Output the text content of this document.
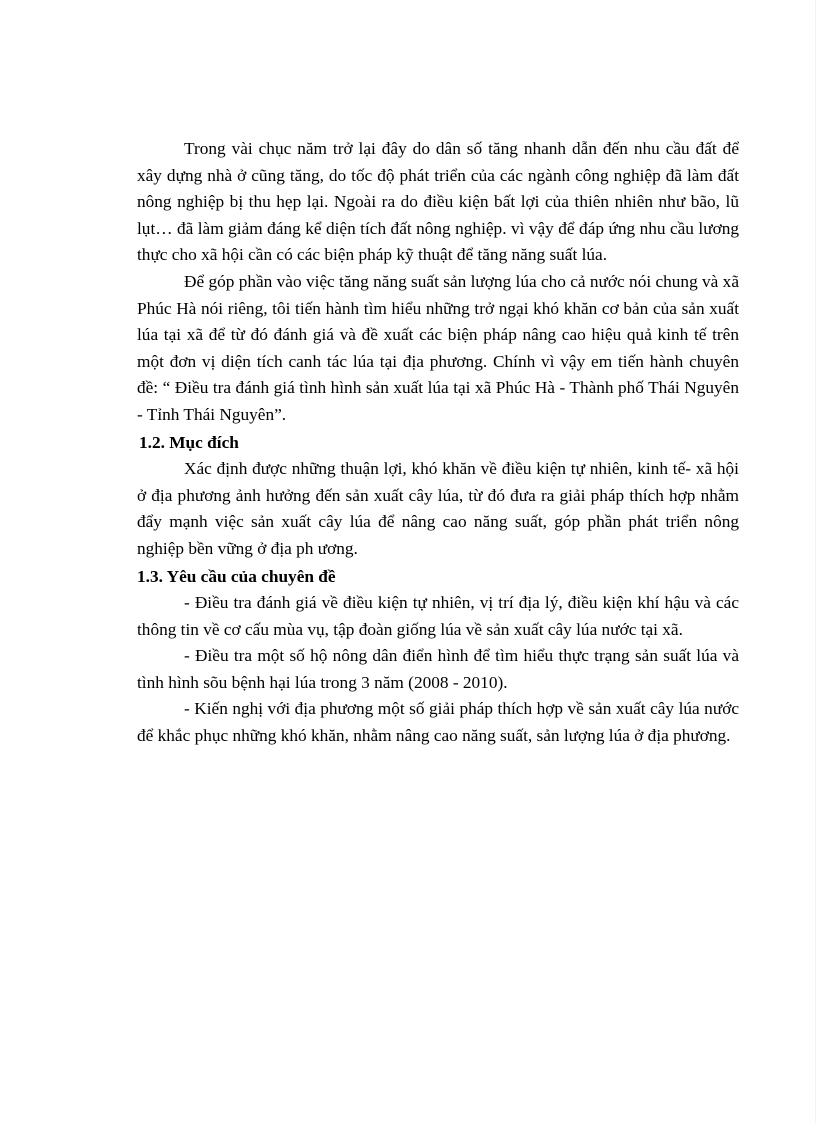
Trong vài chục năm trở lại đây do dân số tăng nhanh dẫn đến nhu cầu đất để xây dựng nhà ở cũng tăng, do tốc độ phát triển của các ngành công nghiệp đã làm đất nông nghiệp bị thu hẹp lại. Ngoài ra do điều kiện bất lợi của thiên nhiên như bão, lũ lụt… đã làm giảm đáng kể diện tích đất nông nghiệp. vì vậy để đáp ứng nhu cầu lương thực cho xã hội cần có các biện pháp kỹ thuật để tăng năng suất lúa.

Để góp phần vào việc tăng năng suất sản lượng lúa cho cả nước nói chung và xã Phúc Hà nói riêng, tôi tiến hành tìm hiểu những trở ngại khó khăn cơ bản của sản xuất lúa tại xã để từ đó đánh giá và đề xuất các biện pháp nâng cao hiệu quả kinh tế trên một đơn vị diện tích canh tác lúa tại địa phương. Chính vì vậy em tiến hành chuyên đề: “ Điều tra đánh giá tình hình sản xuất lúa tại xã Phúc Hà - Thành phố Thái Nguyên - Tỉnh Thái Nguyên”.

1.2. Mục đích

Xác định được những thuận lợi, khó khăn về điều kiện tự nhiên, kinh tế- xã hội ở địa phương ảnh hưởng đến sản xuất cây lúa, từ đó đưa ra giải pháp thích hợp nhằm đẩy mạnh việc sản xuất cây lúa để nâng cao năng suất, góp phần phát triển nông nghiệp bền vững ở địa ph ương.

1.3. Yêu cầu của chuyên đề

- Điều tra đánh giá về điều kiện tự nhiên, vị trí địa lý, điều kiện khí hậu và các thông tin về cơ cấu mùa vụ, tập đoàn giống lúa về sản xuất cây lúa nước tại xã.

- Điều tra một số hộ nông dân điển hình để tìm hiểu thực trạng sản suất lúa và tình hình sõu bệnh hại lúa trong 3 năm (2008 - 2010).

- Kiến nghị với địa phương một số giải pháp thích hợp về sản xuất cây lúa nước để khắc phục những khó khăn, nhằm nâng cao năng suất, sản lượng lúa ở địa phương.
